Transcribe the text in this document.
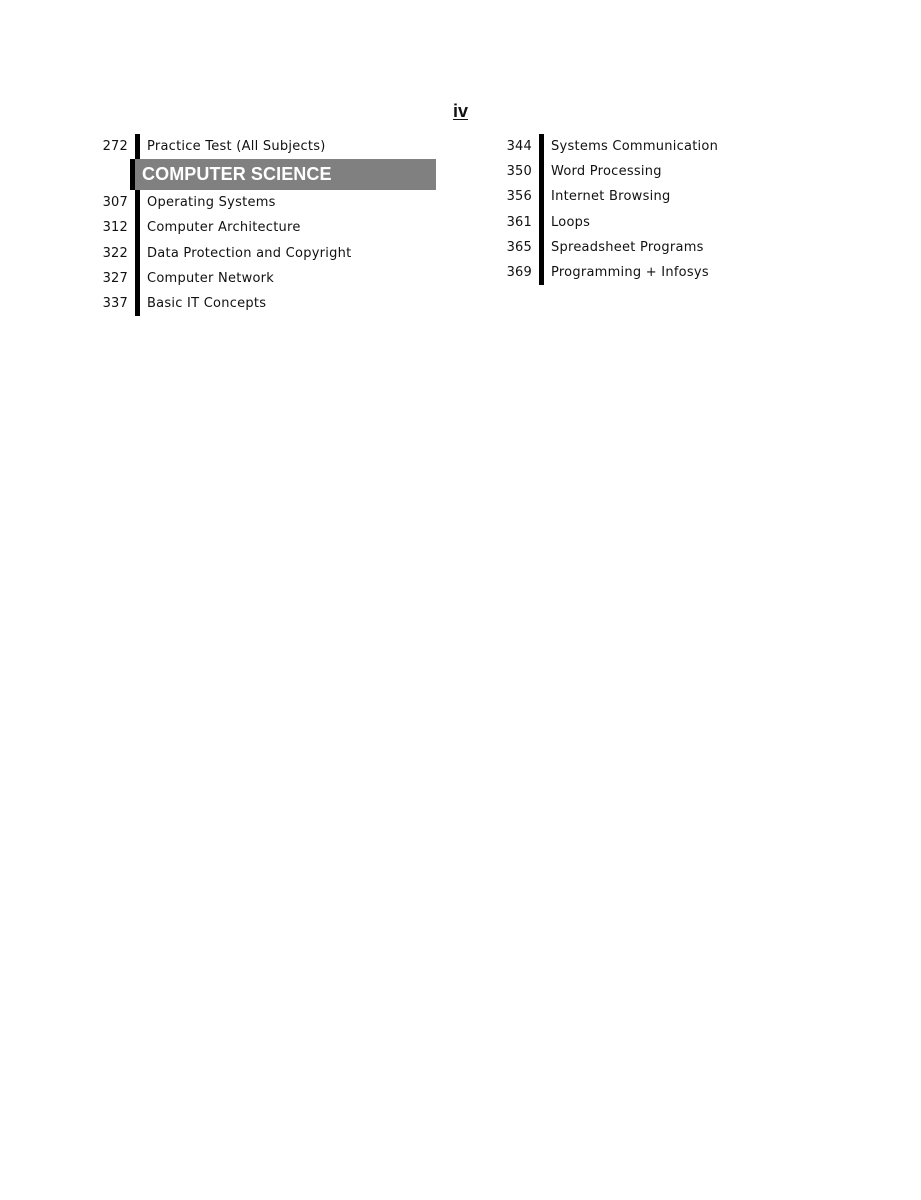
iv
272	Practice Test (All Subjects)
COMPUTER SCIENCE
307	Operating Systems
312	Computer Architecture
322	Data Protection and Copyright
327	Computer Network
337	Basic IT Concepts
344	Systems Communication
350	Word Processing
356	Internet Browsing
361	Loops
365	Spreadsheet Programs
369	Programming + Infosys
